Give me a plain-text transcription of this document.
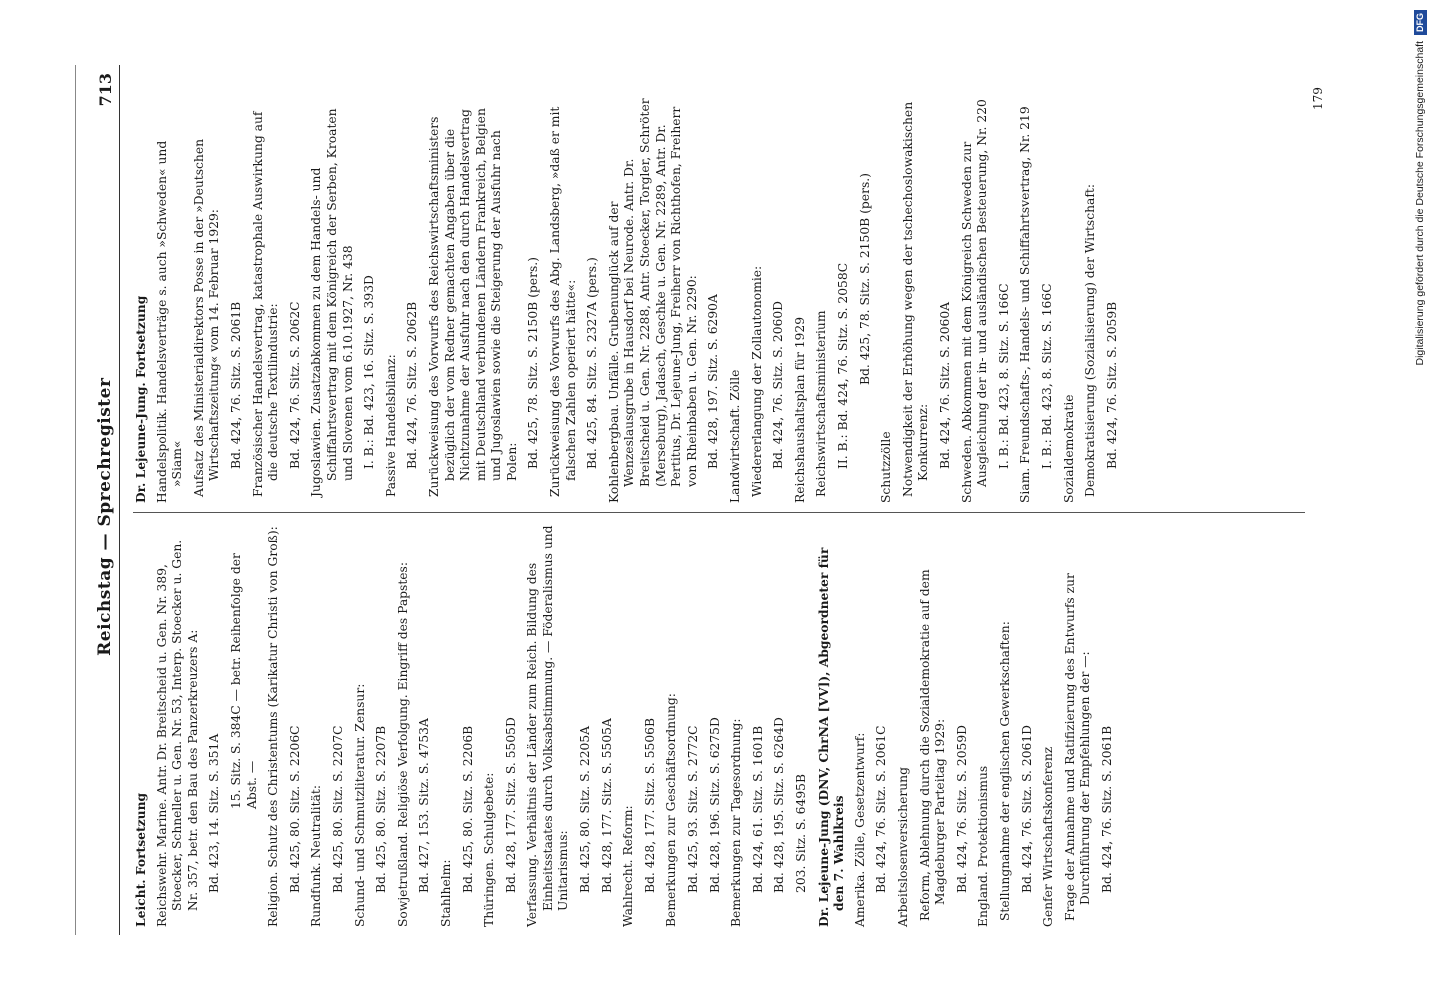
Reichstag — Sprechregister
713
Leicht. Fortsetzung Reichswehr. Marine. Antr. Dr. Breitscheid u. Gen. Nr. 389, Stoecker, Schneller u. Gen. Nr. 53, Interp. Stoecker u. Gen. Nr. 357, betr. den Bau des Panzerkreuzers A: Bd. 423, 14. Sitz. S. 351A
15. Sitz. S. 384C — betr. Reihenfolge der Abst. — Religion. Schutz des Christentums (Karikatur Christi von Groß): Bd. 425, 80. Sitz. S. 2206C Rundfunk. Neutralität: Bd. 425, 80. Sitz. S. 2207C Schund- und Schmutzliteratur. Zensur: Bd. 425, 80. Sitz. S. 2207B Sowjetrußland. Religiöse Verfolgung. Eingriff des Papstes: Bd. 427, 153. Sitz. S. 4753A
Stahlhelm:
Bd. 425, 80. Sitz. S. 2206B Thüringen. Schulgebete: Bd. 428, 177. Sitz. S. 5505D Verfassung. Verhältnis der Länder zum Reich. Bildung des Einheitsstaates durch Volksabstimmung. — Föderalismus und Unitarismus: Bd. 425, 80. Sitz. S. 2205A Bd. 428, 177. Sitz. S. 5505A Wahlrecht. Reform: Bd. 428, 177. Sitz. S. 5506B Bemerkungen zur Geschäftsordnung: Bd. 425, 93. Sitz. S. 2772C Bd. 428, 196. Sitz. S. 6275D Bemerkungen zur Tagesordnung: Bd. 424, 61. Sitz. S. 1601B Bd. 428, 195. Sitz. S. 6264D 203. Sitz. S. 6495B Dr. Lejeune-Jung (DNV, ChrNA [VV]), Abgeordneter für den 7. Wahlkreis Amerika. Zölle, Gesetzentwurf: Bd. 424, 76. Sitz. S. 2061C Arbeitslosenversicherung Reform, Ablehnung durch die Sozialdemokratie auf dem Magdeburger Parteitag 1929: Bd. 424, 76. Sitz. S. 2059D England. Protektionismus Stellungnahme der englischen Gewerkschaften: Bd. 424, 76. Sitz. S. 2061D Genfer Wirtschaftskonferenz Frage der Annahme und Ratifizierung des Entwurfs zur Durchführung der Empfehlungen der —: Bd. 424, 76. Sitz. S. 2061B
Dr. Lejeune-Jung. Fortsetzung Handelspolitik. Handelsverträge s. auch »Schweden« und »Siam« Aufsatz des Ministerialdirektors Posse in der »Deutschen Wirtschaftszeitung« vom 14. Februar 1929: Bd. 424, 76. Sitz. S. 2061B Französischer Handelsvertrag, katastrophale Auswirkung auf die deutsche Textilindustrie: Bd. 424, 76. Sitz. S. 2062C Jugoslawien. Zusatzabkommen zu dem Handels- und Schiffahrtsvertrag mit dem Königreich der Serben, Kroaten und Slovenen vom 6.10.1927, Nr. 438 I. B.: Bd. 423, 16. Sitz. S. 393D Passive Handelsbilanz: Bd. 424, 76. Sitz. S. 2062B Zurückweisung des Vorwurfs des Reichswirtschaftsministers bezüglich der vom Redner gemachten Angaben über die Nichtzunahme der Ausfuhr nach den durch Handelsvertrag mit Deutschland verbundenen Ländern Frankreich, Belgien und Jugoslawien sowie die Steigerung der Ausfuhr nach Polen: Bd. 425, 78. Sitz. S. 2150B (pers.) Zurückweisung des Vorwurfs des Abg. Landsberg, »daß er mit falschen Zahlen operiert hätte«: Bd. 425, 84. Sitz. S. 2327A (pers.) Kohlenbergbau. Unfälle. Grubenunglück auf der Wenzeslausgrube in Hausdorf bei Neurode. Antr. Dr. Breitscheid u. Gen. Nr. 2288, Antr. Stoecker, Torgler, Schröter (Merseburg), Jadasch, Geschke u. Gen. Nr. 2289, Antr. Dr. Pertitus, Dr. Lejeune-Jung, Freiherr von Richthofen, Freiherr von Rheinbaben u. Gen. Nr. 2290: Bd. 428, 197. Sitz. S. 6290A Landwirtschaft. Zölle Wiedererlangung der Zollautonomie: Bd. 424, 76. Sitz. S. 2060D Reichshaushaltsplan für 1929 Reichswirtschaftsministerium II. B.: Bd. 424, 76. Sitz. S. 2058C Bd. 425, 78. Sitz. S. 2150B (pers.)
Schutzzölle Notwendigkeit der Erhöhung wegen der tschechoslowakischen Konkurrenz: Bd. 424, 76. Sitz. S. 2060A Schweden. Abkommen mit dem Königreich Schweden zur Ausgleichung der in- und ausländischen Besteuerung, Nr. 220 I. B.: Bd. 423, 8. Sitz. S. 166C Siam. Freundschafts-, Handels- und Schiffahrtsvertrag, Nr. 219 I. B.: Bd. 423, 8. Sitz. S. 166C Sozialdemokratie Demokratisierung (Sozialisierung) der Wirtschaft: Bd. 424, 76. Sitz. S. 2059B
179	Digitalisierung gefördert durch die Deutsche Forschungsgemeinschaft
DFG
